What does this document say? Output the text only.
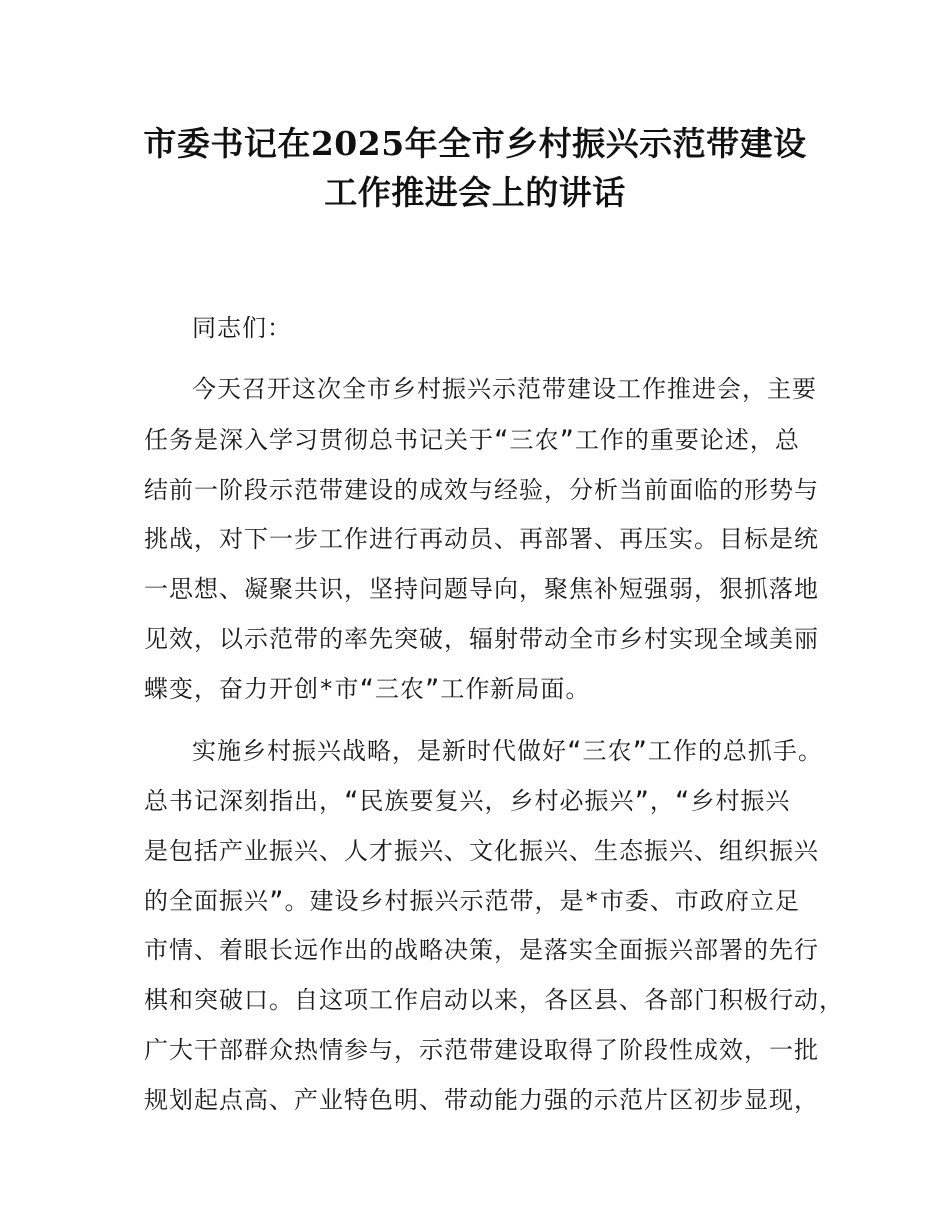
市委书记在2025年全市乡村振兴示范带建设
工作推进会上的讲话
同志们：
今天召开这次全市乡村振兴示范带建设工作推进会，主要
任务是深入学习贯彻总书记关于“三农”工作的重要论述，总
结前一阶段示范带建设的成效与经验，分析当前面临的形势与
挑战，对下一步工作进行再动员、再部署、再压实。目标是统
一思想、凝聚共识，坚持问题导向，聚焦补短强弱，狠抓落地
见效，以示范带的率先突破，辐射带动全市乡村实现全域美丽
蝶变，奋力开创*市“三农”工作新局面。
实施乡村振兴战略，是新时代做好“三农”工作的总抓手。
总书记深刻指出，“民族要复兴，乡村必振兴”，“乡村振兴
是包括产业振兴、人才振兴、文化振兴、生态振兴、组织振兴
的全面振兴”。建设乡村振兴示范带，是*市委、市政府立足
市情、着眼长远作出的战略决策，是落实全面振兴部署的先行
棋和突破口。自这项工作启动以来，各区县、各部门积极行动，
广大干部群众热情参与，示范带建设取得了阶段性成效，一批
规划起点高、产业特色明、带动能力强的示范片区初步显现，
